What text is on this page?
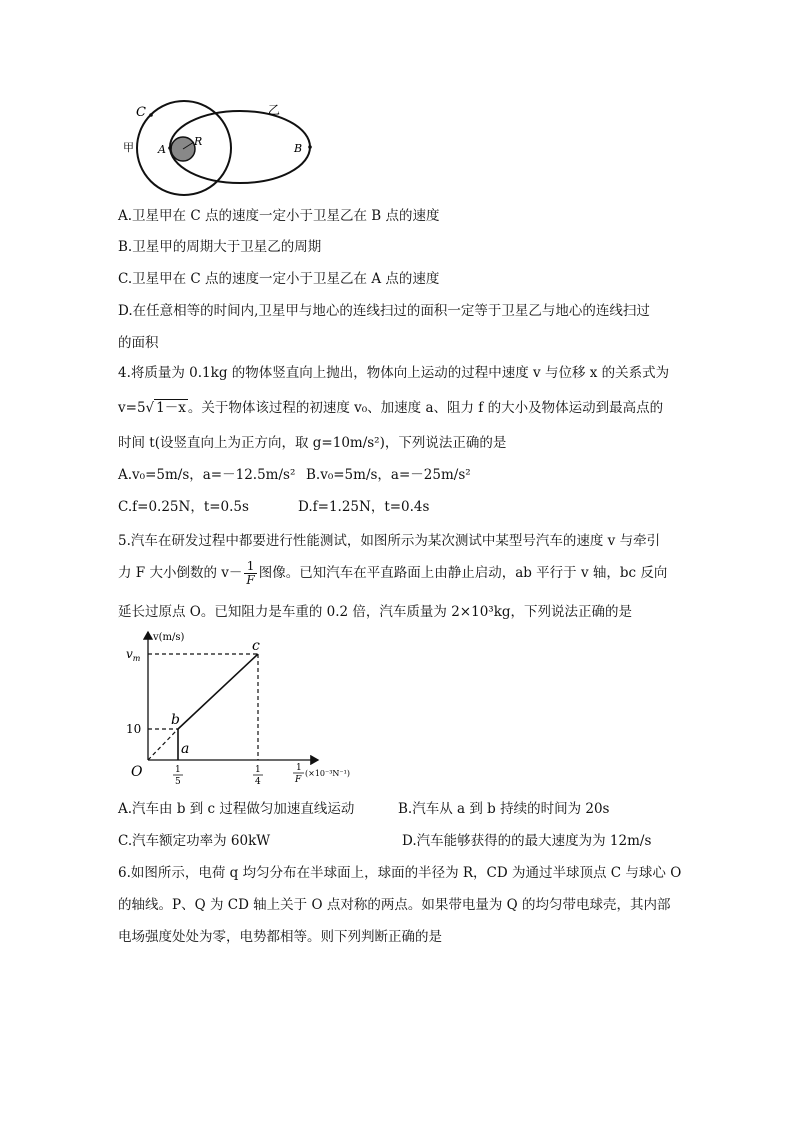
C
甲 A
R
乙
B
A.卫星甲在 C 点的速度一定小于卫星乙在 B 点的速度
B.卫星甲的周期大于卫星乙的周期
C.卫星甲在 C 点的速度一定小于卫星乙在 A 点的速度
D.在任意相等的时间内,卫星甲与地心的连线扫过的面积一定等于卫星乙与地心的连线扫过
的面积
4.将质量为 0.1kg 的物体竖直向上抛出，物体向上运动的过程中速度 v 与位移 x 的关系式为
v=5√ 1－x 。关于物体该过程的初速度 v₀、加速度 a、阻力 f 的大小及物体运动到最高点的
时间 t(设竖直向上为正方向，取 g=10m/s²)，下列说法正确的是
A.v₀=5m/s，a=－12.5m/s² B.v₀=5m/s，a=－25m/s²
C.f=0.25N，t=0.5s	D.f=1.25N，t=0.4s
5.汽车在研发过程中都要进行性能测试，如图所示为某次测试中某型号汽车的速度 v 与牵引
力 F 大小倒数的 $v- \frac{1}{F}$ 图像。已知汽车在平直路面上由静止启动，ab 平行于 v 轴，bc 反向
延长过原点 O。已知阻力是车重的 0.2 倍，汽车质量为 2×10³kg，下列说法正确的是
v(m/s)
$v_m$
10
O
a
b
c
1
5
1
4
1
F
(×10⁻³N⁻¹)
A.汽车由 b 到 c 过程做匀加速直线运动	B.汽车从 a 到 b 持续的时间为 20s
C.汽车额定功率为 60kW	D.汽车能够获得的的最大速度为为 12m/s
6.如图所示，电荷 q 均匀分布在半球面上，球面的半径为 R，CD 为通过半球顶点 C 与球心 O
的轴线。P、Q 为 CD 轴上关于 O 点对称的两点。如果带电量为 Q 的均匀带电球壳，其内部
电场强度处处为零，电势都相等。则下列判断正确的是
